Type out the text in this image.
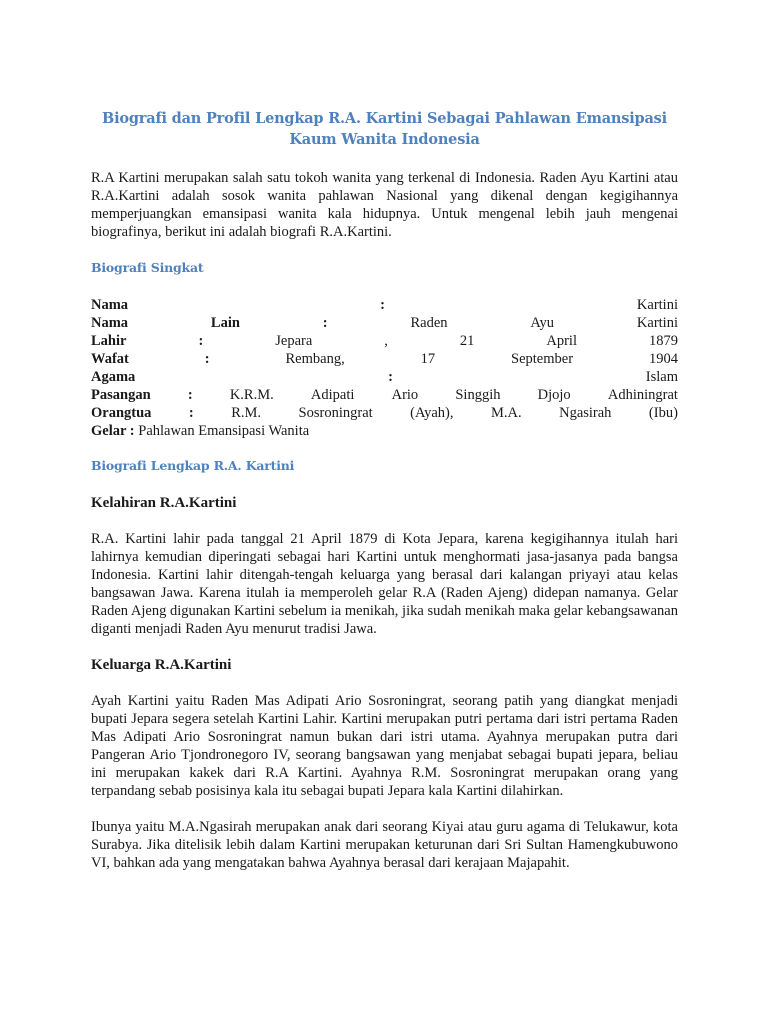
Biografi dan Profil Lengkap R.A. Kartini Sebagai Pahlawan Emansipasi Kaum Wanita Indonesia

R.A Kartini merupakan salah satu tokoh wanita yang terkenal di Indonesia. Raden Ayu Kartini atau R.A.Kartini adalah sosok wanita pahlawan Nasional yang dikenal dengan kegigihannya memperjuangkan emansipasi wanita kala hidupnya. Untuk mengenal lebih jauh mengenai biografinya, berikut ini adalah biografi R.A.Kartini.

Biografi Singkat
Nama	:	Kartini
Nama	Lain	:	Raden	Ayu	Kartini
Lahir	:	Jepara	,	21	April	1879
Wafat	:	Rembang,	17	September	1904
Agama	:	Islam
Pasangan	:	K.R.M.	Adipati	Ario	Singgih	Djojo	Adhiningrat
Orangtua	:	R.M.	Sosroningrat	(Ayah),	M.A.	Ngasirah	(Ibu)
Gelar :
Pahlawan Emansipasi Wanita
Biografi Lengkap R.A. Kartini
Kelahiran R.A.Kartini

R.A. Kartini lahir pada tanggal 21 April 1879 di Kota Jepara, karena kegigihannya itulah hari lahirnya kemudian diperingati sebagai hari Kartini untuk menghormati jasa-jasanya pada bangsa Indonesia. Kartini lahir ditengah-tengah keluarga yang berasal dari kalangan priyayi atau kelas bangsawan Jawa. Karena itulah ia memperoleh gelar R.A (Raden Ajeng) didepan namanya. Gelar Raden Ajeng digunakan Kartini sebelum ia menikah, jika sudah menikah maka gelar kebangsawanan diganti menjadi Raden Ayu menurut tradisi Jawa.

Keluarga R.A.Kartini

Ayah Kartini yaitu Raden Mas Adipati Ario Sosroningrat, seorang patih yang diangkat menjadi bupati Jepara segera setelah Kartini Lahir. Kartini merupakan putri pertama dari istri pertama Raden Mas Adipati Ario Sosroningrat namun bukan dari istri utama. Ayahnya merupakan putra dari Pangeran Ario Tjondronegoro IV, seorang bangsawan yang menjabat sebagai bupati jepara, beliau ini merupakan kakek dari R.A Kartini. Ayahnya R.M. Sosroningrat merupakan orang yang terpandang sebab posisinya kala itu sebagai bupati Jepara kala Kartini dilahirkan.

Ibunya yaitu M.A.Ngasirah merupakan anak dari seorang Kiyai atau guru agama di Telukawur, kota Surabya. Jika ditelisik lebih dalam Kartini merupakan keturunan dari Sri Sultan Hamengkubuwono VI, bahkan ada yang mengatakan bahwa Ayahnya berasal dari kerajaan Majapahit.
